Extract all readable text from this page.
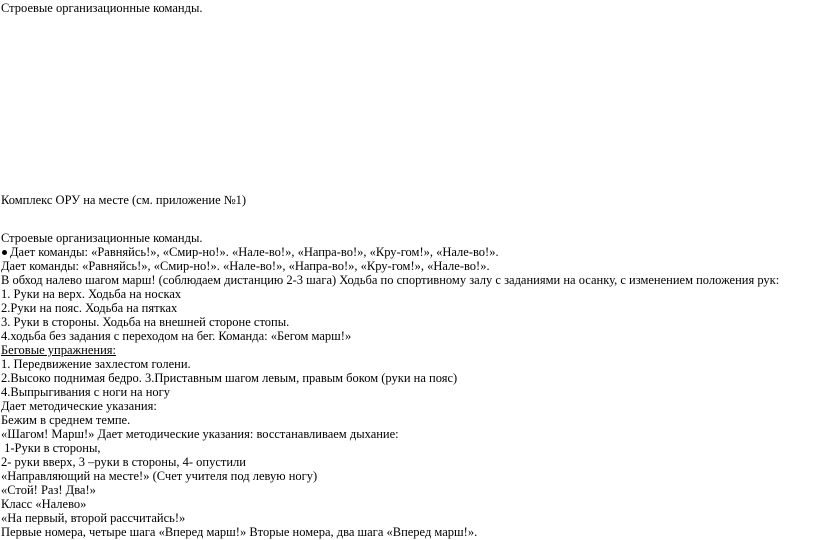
Строевые организационные команды.

Комплекс ОРУ на месте (см. приложение №1)

Строевые организационные команды.

Дает команды: «Равняйсь!», «Смир-но!». «Нале-во!», «Напра-во!», «Кру-гом!», «Нале-во!».

Дает команды: «Равняйсь!», «Смир-но!». «Нале-во!», «Напра-во!», «Кру-гом!», «Нале-во!».

В обход налево шагом марш! (соблюдаем дистанцию 2-3 шага) Ходьба по спортивному залу с заданиями на осанку, с изменением положения рук:

1. Руки на верх. Ходьба на носках

2.Руки на пояс. Ходьба на пятках

3. Руки в стороны. Ходьба на внешней стороне стопы.

4.ходьба без задания с переходом на бег. Команда: «Бегом марш!»

Беговые упражнения:

1. Передвижение захлестом голени.

2.Высоко поднимая бедро. 3.Приставным шагом левым, правым боком (руки на пояс)

4.Выпрыгивания с ноги на ногу

Дает методические указания:

Бежим в среднем темпе.

«Шагом! Марш!» Дает методические указания: восстанавливаем дыхание:

1-Руки в стороны,

2- руки вверх, 3 –руки в стороны, 4- опустили

«Направляющий на месте!» (Счет учителя под левую ногу)

«Стой! Раз! Два!»

Класс «Налево»

«На первый, второй рассчитайсь!»

Первые номера, четыре шага «Вперед марш!» Вторые номера, два шага «Вперед марш!».
